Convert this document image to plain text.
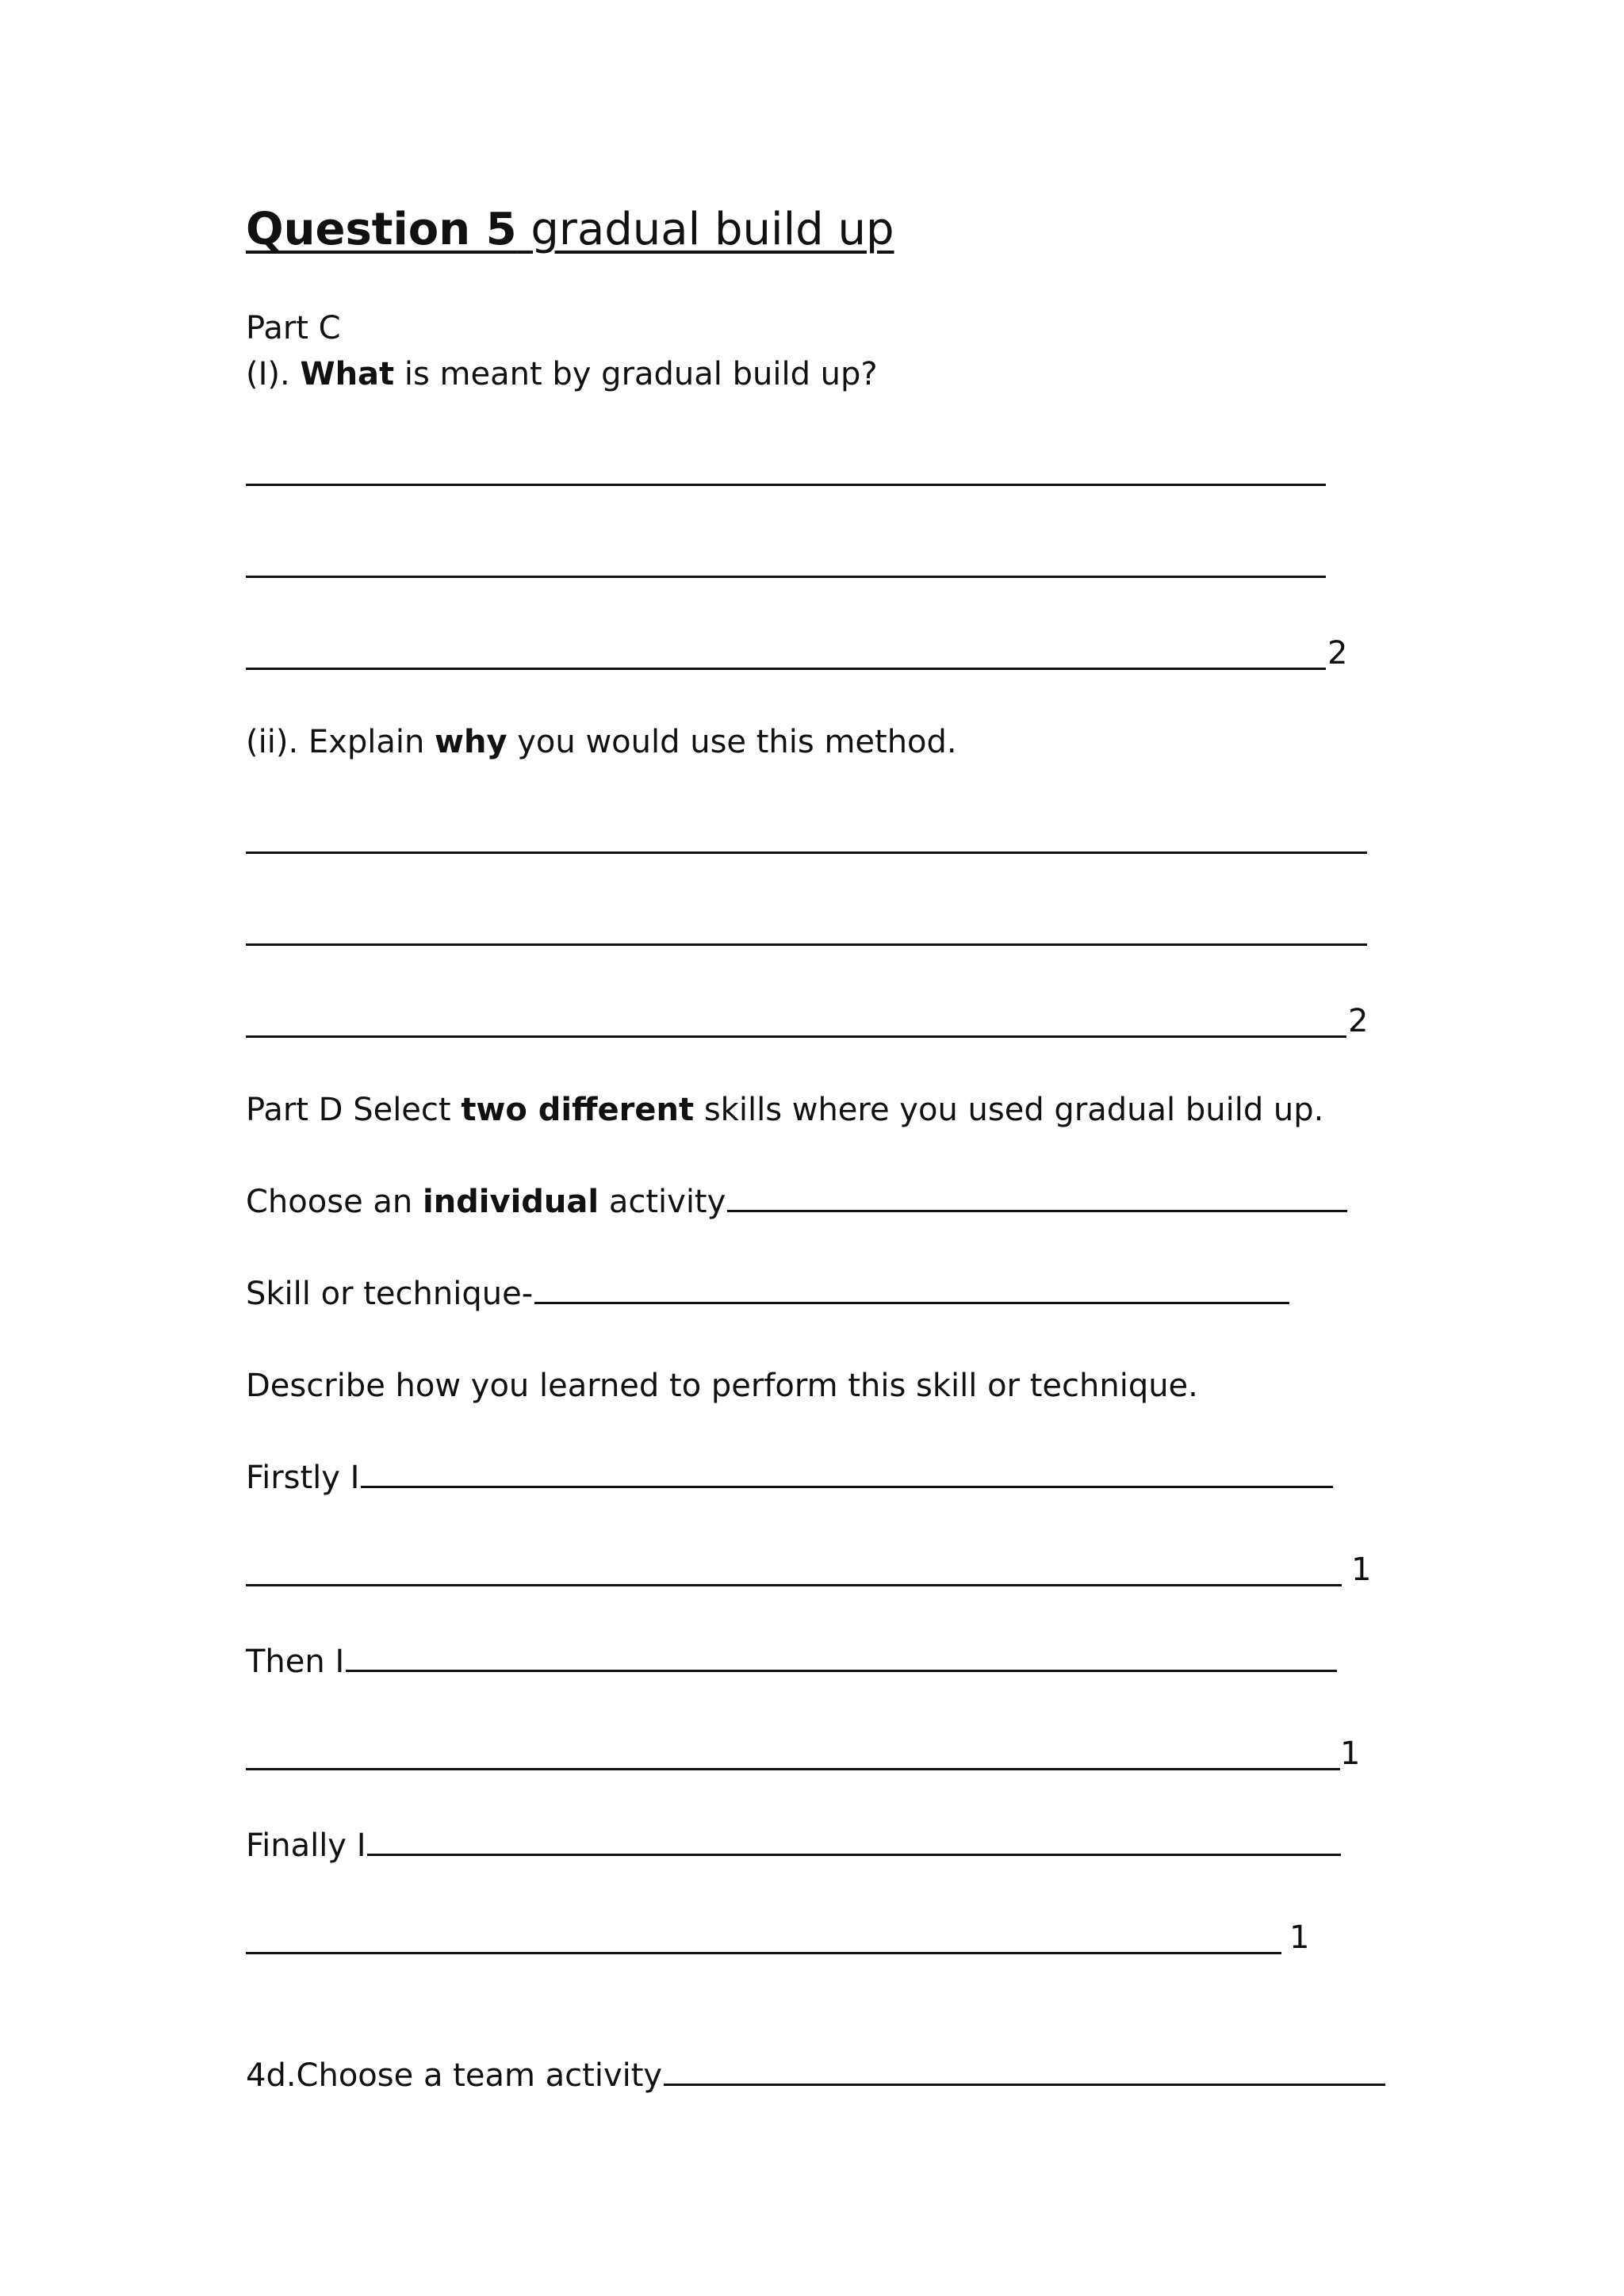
Question 5 gradual build up
Part C
(I). What is meant by gradual build up?
2
(ii). Explain why you would use this method.
2
Part D Select two different skills where you used gradual build up.
Choose an individual activity
Skill or technique-
Describe how you learned to perform this skill or technique.
Firstly I
1
Then I
1
Finally I
1
4d.Choose a team activity
